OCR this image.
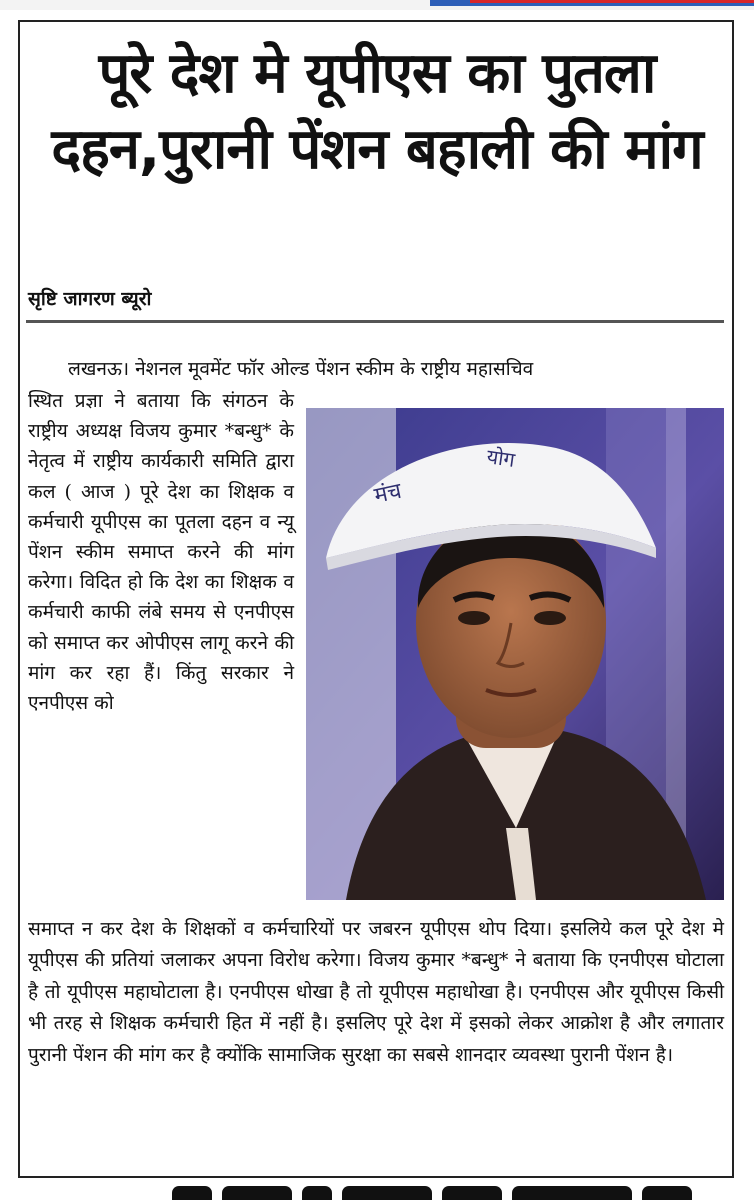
पूरे देश मे यूपीएस का पुतला दहन,पुरानी पेंशन बहाली की मांग
सृष्टि जागरण ब्यूरो

लखनऊ। नेशनल मूवमेंट फॉर ओल्ड पेंशन स्कीम के राष्ट्रीय महासचिव

स्थित प्रज्ञा ने बताया कि संगठन के राष्ट्रीय अध्यक्ष विजय कुमार *बन्धु* के नेतृत्व में राष्ट्रीय कार्यकारी समिति द्वारा कल ( आज ) पूरे देश का शिक्षक व कर्मचारी यूपीएस का पूतला दहन व न्यू पेंशन स्कीम समाप्त करने की मांग करेगा। विदित हो कि देश का शिक्षक व कर्मचारी काफी लंबे समय से एनपीएस को समाप्त कर ओपीएस लागू करने की मांग कर रहा हैं। किंतु सरकार ने एनपीएस को

मंच
योग

समाप्त न कर देश के शिक्षकों व कर्मचारियों पर जबरन यूपीएस थोप दिया। इसलिये कल पूरे देश मे यूपीएस की प्रतियां जलाकर अपना विरोध करेगा। विजय कुमार *बन्धु* ने बताया कि एनपीएस घोटाला है तो यूपीएस महाघोटाला है। एनपीएस धोखा है तो यूपीएस महाधोखा है। एनपीएस और यूपीएस किसी भी तरह से शिक्षक कर्मचारी हित में नहीं है। इसलिए पूरे देश में इसको लेकर आक्रोश है और लगातार पुरानी पेंशन की मांग कर है क्योंकि सामाजिक सुरक्षा का सबसे शानदार व्यवस्था पुरानी पेंशन है।
